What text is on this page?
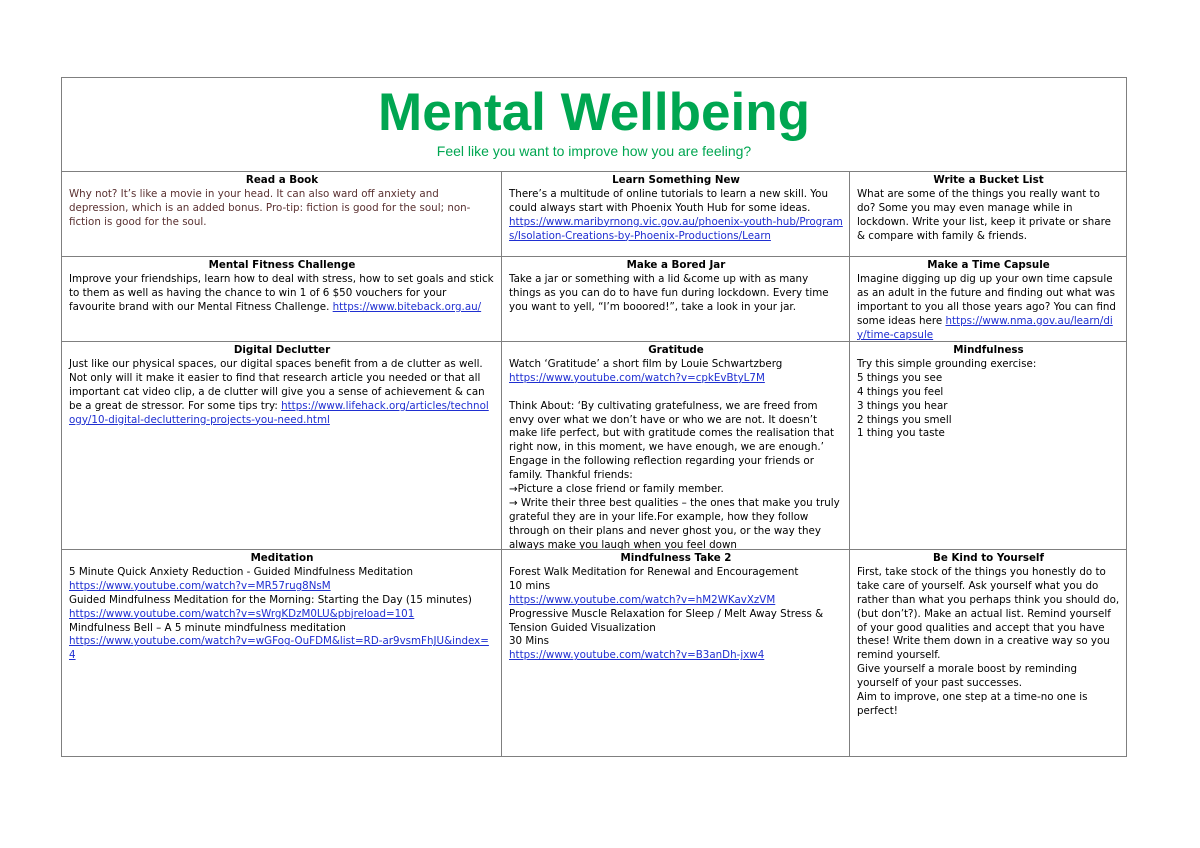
Mental Wellbeing
Feel like you want to improve how you are feeling?
Read a Book

Why not? It’s like a movie in your head. It can also ward off anxiety and depression, which is an added bonus. Pro-tip: fiction is good for the soul; non-fiction is good for the soul.

Learn Something New

There’s a multitude of online tutorials to learn a new skill. You could always start with Phoenix Youth Hub for some ideas.

https://www.maribyrnong.vic.gov.au/phoenix-youth-hub/Programs/Isolation-Creations-by-Phoenix-Productions/Learn
Write a Bucket List

What are some of the things you really want to do? Some you may even manage while in lockdown. Write your list, keep it private or share & compare with family & friends.

Mental Fitness Challenge

Improve your friendships, learn how to deal with stress, how to set goals and stick to them as well as having the chance to win 1 of 6 $50 vouchers for your favourite brand with our Mental Fitness Challenge. https://www.biteback.org.au/

Make a Bored Jar

Take a jar or something with a lid &come up with as many things as you can do to have fun during lockdown. Every time you want to yell, “I’m booored!”, take a look in your jar.

Make a Time Capsule

Imagine digging up dig up your own time capsule as an adult in the future and finding out what was important to you all those years ago? You can find some ideas here https://www.nma.gov.au/learn/diy/time-capsule

Digital Declutter

Just like our physical spaces, our digital spaces benefit from a de clutter as well. Not only will it make it easier to find that research article you needed or that all important cat video clip, a de clutter will give you a sense of achievement & can be a great de stressor. For some tips try: https://www.lifehack.org/articles/technology/10-digital-decluttering-projects-you-need.html

Gratitude

Watch ‘Gratitude’ a short film by Louie Schwartzberg

https://www.youtube.com/watch?v=cpkEvBtyL7M

Think About: ‘By cultivating gratefulness, we are freed from envy over what we don’t have or who we are not. It doesn’t make life perfect, but with gratitude comes the realisation that right now, in this moment, we have enough, we are enough.’ Engage in the following reflection regarding your friends or family. Thankful friends:

→Picture a close friend or family member.

→ Write their three best qualities – the ones that make you truly grateful they are in your life.For example, how they follow through on their plans and never ghost you, or the way they always make you laugh when you feel down

Mindfulness

Try this simple grounding exercise:

5 things you see

4 things you feel

3 things you hear

2 things you smell

1 thing you taste

Meditation

5 Minute Quick Anxiety Reduction - Guided Mindfulness Meditation

https://www.youtube.com/watch?v=MR57rug8NsM

Guided Mindfulness Meditation for the Morning: Starting the Day (15 minutes)

https://www.youtube.com/watch?v=sWrgKDzM0LU&pbjreload=101

Mindfulness Bell – A 5 minute mindfulness meditation

https://www.youtube.com/watch?v=wGFog-OuFDM&list=RD-ar9vsmFhJU&index=4
Mindfulness Take 2

Forest Walk Meditation for Renewal and Encouragement

10 mins

https://www.youtube.com/watch?v=hM2WKavXzVM

Progressive Muscle Relaxation for Sleep / Melt Away Stress & Tension Guided Visualization

30 Mins

https://www.youtube.com/watch?v=B3anDh-jxw4
Be Kind to Yourself

First, take stock of the things you honestly do to take care of yourself. Ask yourself what you do rather than what you perhaps think you should do, (but don’t?). Make an actual list. Remind yourself of your good qualities and accept that you have these! Write them down in a creative way so you remind yourself.

Give yourself a morale boost by reminding yourself of your past successes.

Aim to improve, one step at a time-no one is perfect!
